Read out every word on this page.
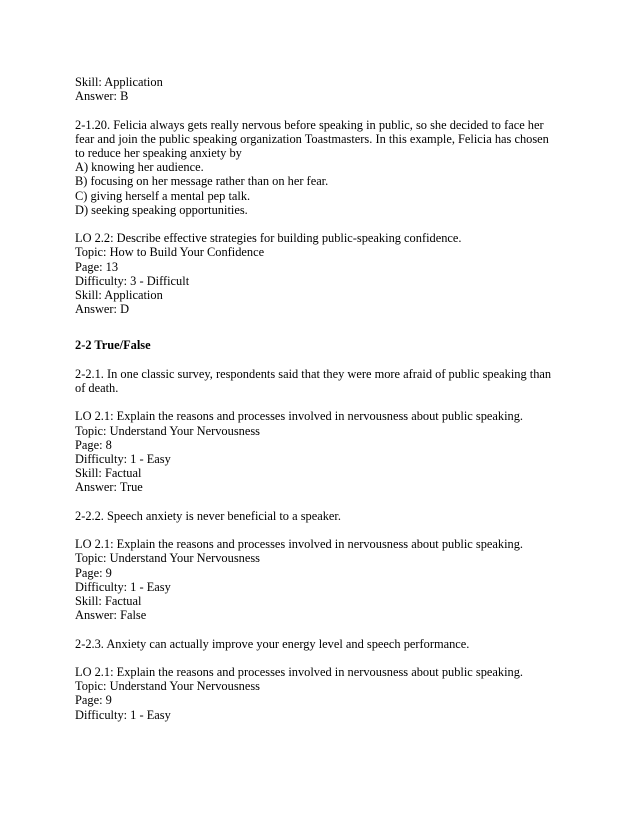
Skill: Application
Answer: B
2-1.20. Felicia always gets really nervous before speaking in public, so she decided to face her
fear and join the public speaking organization Toastmasters. In this example, Felicia has chosen
to reduce her speaking anxiety by
A) knowing her audience.
B) focusing on her message rather than on her fear.
C) giving herself a mental pep talk.
D) seeking speaking opportunities.
LO 2.2: Describe effective strategies for building public-speaking confidence.
Topic: How to Build Your Confidence
Page: 13
Difficulty: 3 - Difficult
Skill: Application
Answer: D
2-2 True/False
2-2.1. In one classic survey, respondents said that they were more afraid of public speaking than
of death.
LO 2.1: Explain the reasons and processes involved in nervousness about public speaking.
Topic: Understand Your Nervousness
Page: 8
Difficulty: 1 - Easy
Skill: Factual
Answer: True
2-2.2. Speech anxiety is never beneficial to a speaker.
LO 2.1: Explain the reasons and processes involved in nervousness about public speaking.
Topic: Understand Your Nervousness
Page: 9
Difficulty: 1 - Easy
Skill: Factual
Answer: False
2-2.3. Anxiety can actually improve your energy level and speech performance.
LO 2.1: Explain the reasons and processes involved in nervousness about public speaking.
Topic: Understand Your Nervousness
Page: 9
Difficulty: 1 - Easy
